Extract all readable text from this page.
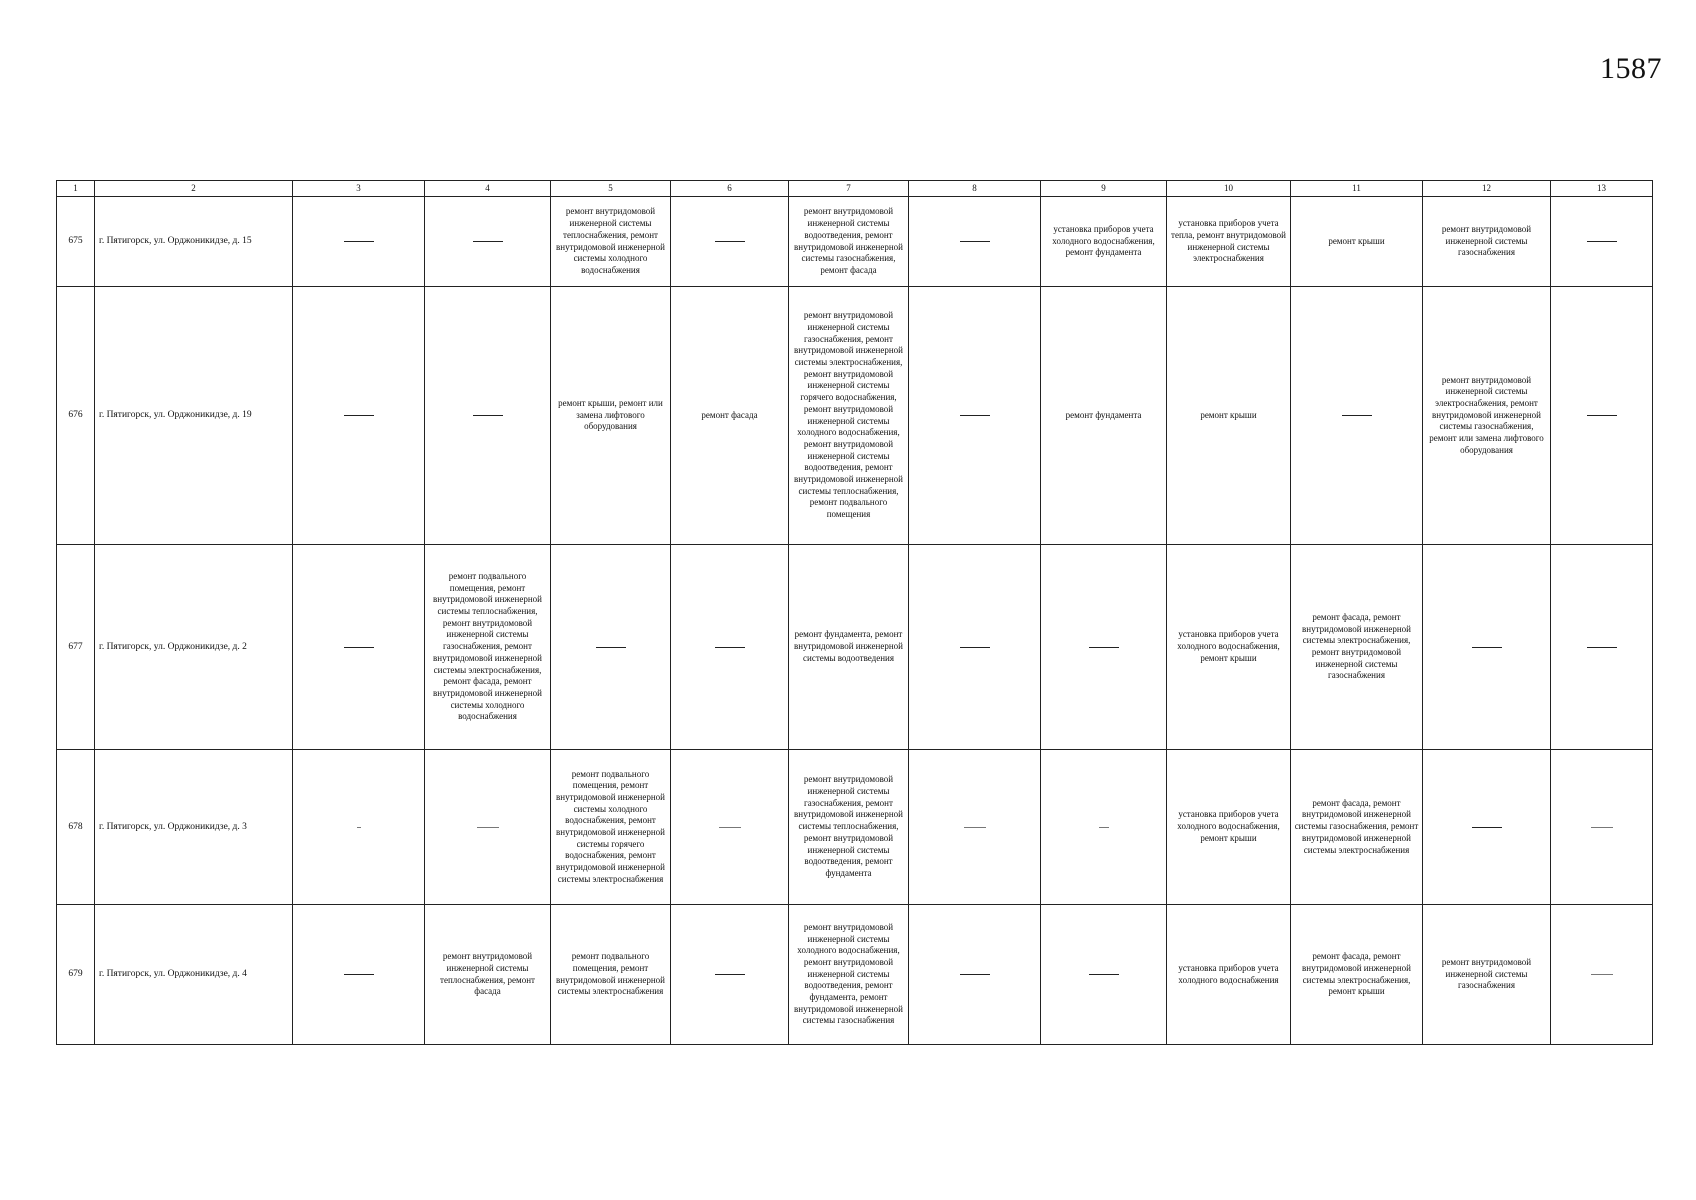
1587
1	2	3	4	5	6	7	8	9	10	11	12	13
675	г. Пятигорск, ул. Орджоникидзе, д. 15			ремонт внутридомовой инженерной системы теплоснабжения, ремонт внутридомовой инженерной системы холодного водоснабжения		ремонт внутридомовой инженерной системы водоотведения, ремонт внутридомовой инженерной системы газоснабжения, ремонт фасада		установка приборов учета холодного водоснабжения, ремонт фундамента	установка приборов учета тепла, ремонт внутридомовой инженерной системы электроснабжения	ремонт крыши	ремонт внутридомовой инженерной системы газоснабжения	

676	г. Пятигорск, ул. Орджоникидзе, д. 19			ремонт крыши, ремонт или замена лифтового оборудования	ремонт фасада	ремонт внутридомовой инженерной системы газоснабжения, ремонт внутридомовой инженерной системы электроснабжения, ремонт внутридомовой инженерной системы горячего водоснабжения, ремонт внутридомовой инженерной системы холодного водоснабжения, ремонт внутридомовой инженерной системы водоотведения, ремонт внутридомовой инженерной системы теплоснабжения, ремонт подвального помещения		ремонт фундамента	ремонт крыши		ремонт внутридомовой инженерной системы электроснабжения, ремонт внутридомовой инженерной системы газоснабжения, ремонт или замена лифтового оборудования	

677	г. Пятигорск, ул. Орджоникидзе, д. 2		ремонт подвального помещения, ремонт внутридомовой инженерной системы теплоснабжения, ремонт внутридомовой инженерной системы газоснабжения, ремонт внутридомовой инженерной системы электроснабжения, ремонт фасада, ремонт внутридомовой инженерной системы холодного водоснабжения			ремонт фундамента, ремонт внутридомовой инженерной системы водоотведения			установка приборов учета холодного водоснабжения, ремонт крыши	ремонт фасада, ремонт внутридомовой инженерной системы электроснабжения, ремонт внутридомовой инженерной системы газоснабжения		

678	г. Пятигорск, ул. Орджоникидзе, д. 3			ремонт подвального помещения, ремонт внутридомовой инженерной системы холодного водоснабжения, ремонт внутридомовой инженерной системы горячего водоснабжения, ремонт внутридомовой инженерной системы электроснабжения		ремонт внутридомовой инженерной системы газоснабжения, ремонт внутридомовой инженерной системы теплоснабжения, ремонт внутридомовой инженерной системы водоотведения, ремонт фундамента			установка приборов учета холодного водоснабжения, ремонт крыши	ремонт фасада, ремонт внутридомовой инженерной системы газоснабжения, ремонт внутридомовой инженерной системы электроснабжения		

679	г. Пятигорск, ул. Орджоникидзе, д. 4		ремонт внутридомовой инженерной системы теплоснабжения, ремонт фасада	ремонт подвального помещения, ремонт внутридомовой инженерной системы электроснабжения		ремонт внутридомовой инженерной системы холодного водоснабжения, ремонт внутридомовой инженерной системы водоотведения, ремонт фундамента, ремонт внутридомовой инженерной системы газоснабжения			установка приборов учета холодного водоснабжения	ремонт фасада, ремонт внутридомовой инженерной системы электроснабжения, ремонт крыши	ремонт внутридомовой инженерной системы газоснабжения	
